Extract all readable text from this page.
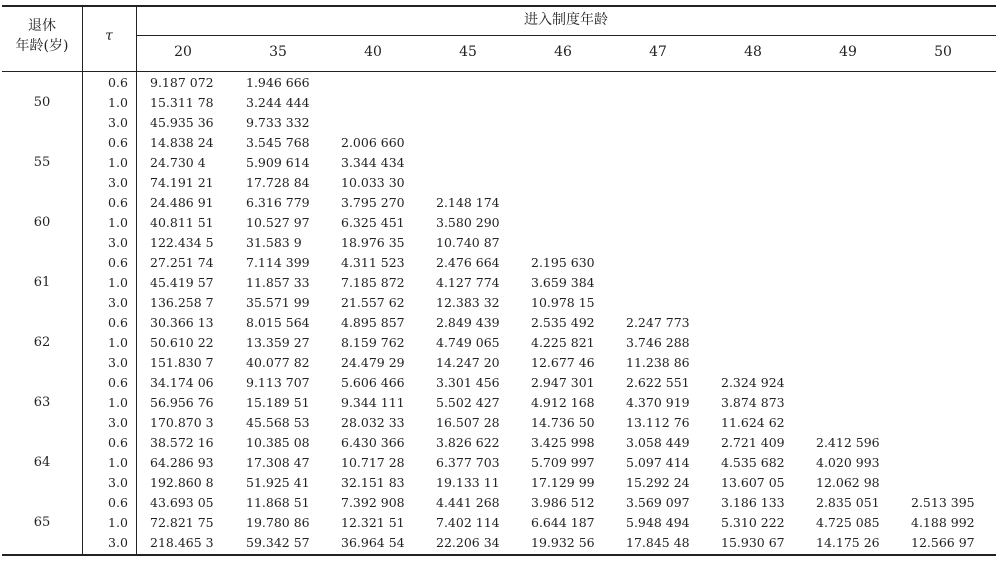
退休
年龄(岁)
τ
进入制度年龄
20	35	40	45	46	47	48	49	50
50
0.6	9.187 072	1.946 666
1.0	15.311 78	3.244 444
3.0	45.935 36	9.733 332
55
0.6	14.838 24	3.545 768	2.006 660
1.0	24.730 4	5.909 614	3.344 434
3.0	74.191 21	17.728 84	10.033 30
60
0.6	24.486 91	6.316 779	3.795 270	2.148 174
1.0	40.811 51	10.527 97	6.325 451	3.580 290
3.0	122.434 5	31.583 9	18.976 35	10.740 87
61
0.6	27.251 74	7.114 399	4.311 523	2.476 664	2.195 630
1.0	45.419 57	11.857 33	7.185 872	4.127 774	3.659 384
3.0	136.258 7	35.571 99	21.557 62	12.383 32	10.978 15
62
0.6	30.366 13	8.015 564	4.895 857	2.849 439	2.535 492	2.247 773
1.0	50.610 22	13.359 27	8.159 762	4.749 065	4.225 821	3.746 288
3.0	151.830 7	40.077 82	24.479 29	14.247 20	12.677 46	11.238 86
63
0.6	34.174 06	9.113 707	5.606 466	3.301 456	2.947 301	2.622 551	2.324 924
1.0	56.956 76	15.189 51	9.344 111	5.502 427	4.912 168	4.370 919	3.874 873
3.0	170.870 3	45.568 53	28.032 33	16.507 28	14.736 50	13.112 76	11.624 62
64
0.6	38.572 16	10.385 08	6.430 366	3.826 622	3.425 998	3.058 449	2.721 409	2.412 596
1.0	64.286 93	17.308 47	10.717 28	6.377 703	5.709 997	5.097 414	4.535 682	4.020 993
3.0	192.860 8	51.925 41	32.151 83	19.133 11	17.129 99	15.292 24	13.607 05	12.062 98
65
0.6	43.693 05	11.868 51	7.392 908	4.441 268	3.986 512	3.569 097	3.186 133	2.835 051	2.513 395
1.0	72.821 75	19.780 86	12.321 51	7.402 114	6.644 187	5.948 494	5.310 222	4.725 085	4.188 992
3.0	218.465 3	59.342 57	36.964 54	22.206 34	19.932 56	17.845 48	15.930 67	14.175 26	12.566 97
